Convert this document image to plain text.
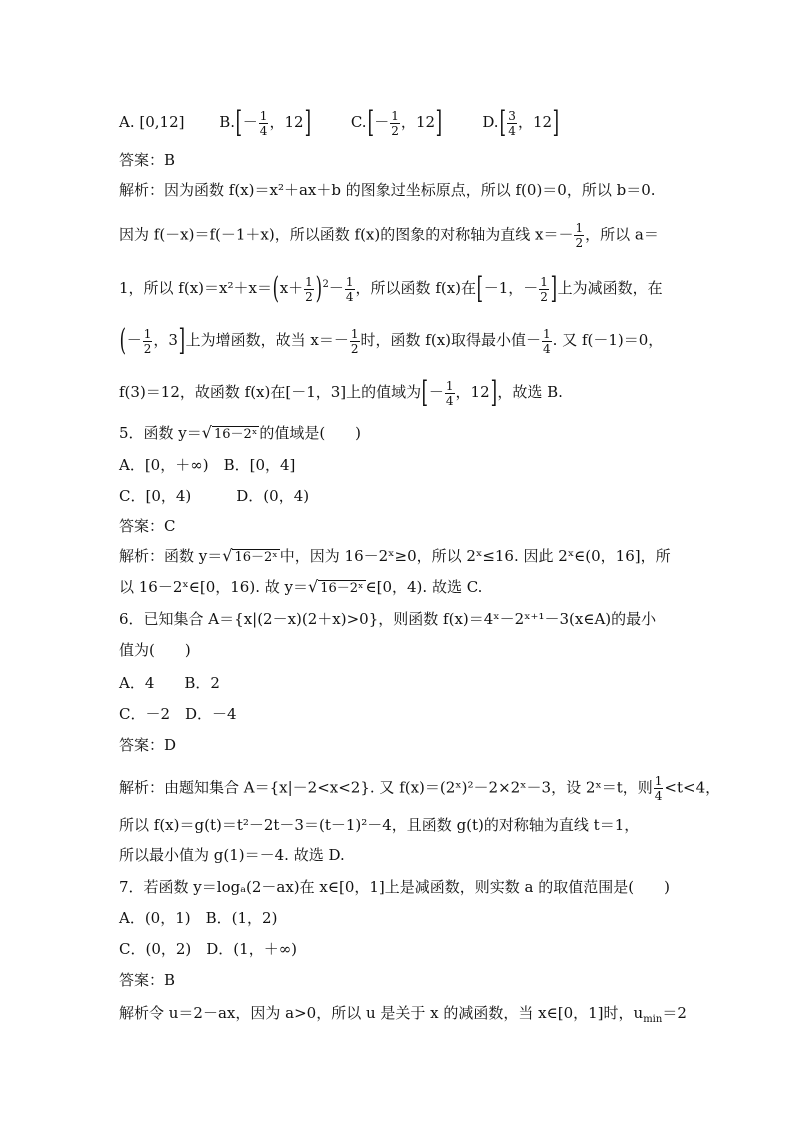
A. [0,12] $B.[- \frac{1}{4}$ ，12]	$C.[- \frac{1}{2}$ ，12]	$D.[ \frac{3}{4}$ ，12]
答案：B
解析：因为函数 f(x)＝x²＋ax＋b 的图象过坐标原点，所以 f(0)＝0，所以 b＝0.
因为 f(－x)＝f(－1＋x)，所以函数 f(x)的图象的对称轴为直线 $x=- \frac{1}{2}$ ，所以 a＝
1，所以 $f(x)=x^2+x=(x+ \frac{1}{2} )^2- \frac{1}{4}$ ，所以函数 f(x)在[－1，－ $\frac{1}{2}$ ]上为减函数，在
(－ $\frac{1}{2}$ ，3]上为增函数，故当 $x=- \frac{1}{2}$ 时，函数 f(x)取得最小值－ $\frac{1}{4}$ . 又 f(－1)＝0，
f(3)＝12，故函数 f(x)在[－1，3]上的值域为[－ $\frac{1}{4}$ ，12]，故选 B.
5．函数 y＝√ 16－2ˣ 的值域是(　　)
A．[0，＋∞)　B．[0，4]
C．[0，4)　　　D．(0，4)
答案：C
解析：函数 y＝√ 16－2ˣ 中，因为 16－2ˣ≥0，所以 2ˣ≤16. 因此 2ˣ∈(0，16]，所
以 16－2ˣ∈[0，16). 故 y＝√ 16－2ˣ ∈[0，4). 故选 C.
6．已知集合 A＝{x|(2－x)(2＋x)>0}，则函数 f(x)＝4ˣ－2ˣ⁺¹－3(x∈A)的最小
值为(　　)
A．4　　B．2
C．－2　D．－4
答案：D
解析：由题知集合 A＝{x|－2<x<2}. 又 f(x)＝(2ˣ)²－2×2ˣ－3，设 2ˣ＝t，则 $\frac{1}{4} <t<4$，
所以 f(x)＝g(t)＝t²－2t－3＝(t－1)²－4，且函数 g(t)的对称轴为直线 t＝1，
所以最小值为 g(1)＝－4. 故选 D.
7．若函数 y＝logₐ(2－ax)在 x∈[0，1]上是减函数，则实数 a 的取值范围是(　　)
A．(0，1)　B．(1，2)
C．(0，2)　D．(1，＋∞)
答案：B
解析令 u＝2－ax，因为 a>0，所以 u 是关于 x 的减函数，当 x∈[0，1]时，$u_{min}=2$
